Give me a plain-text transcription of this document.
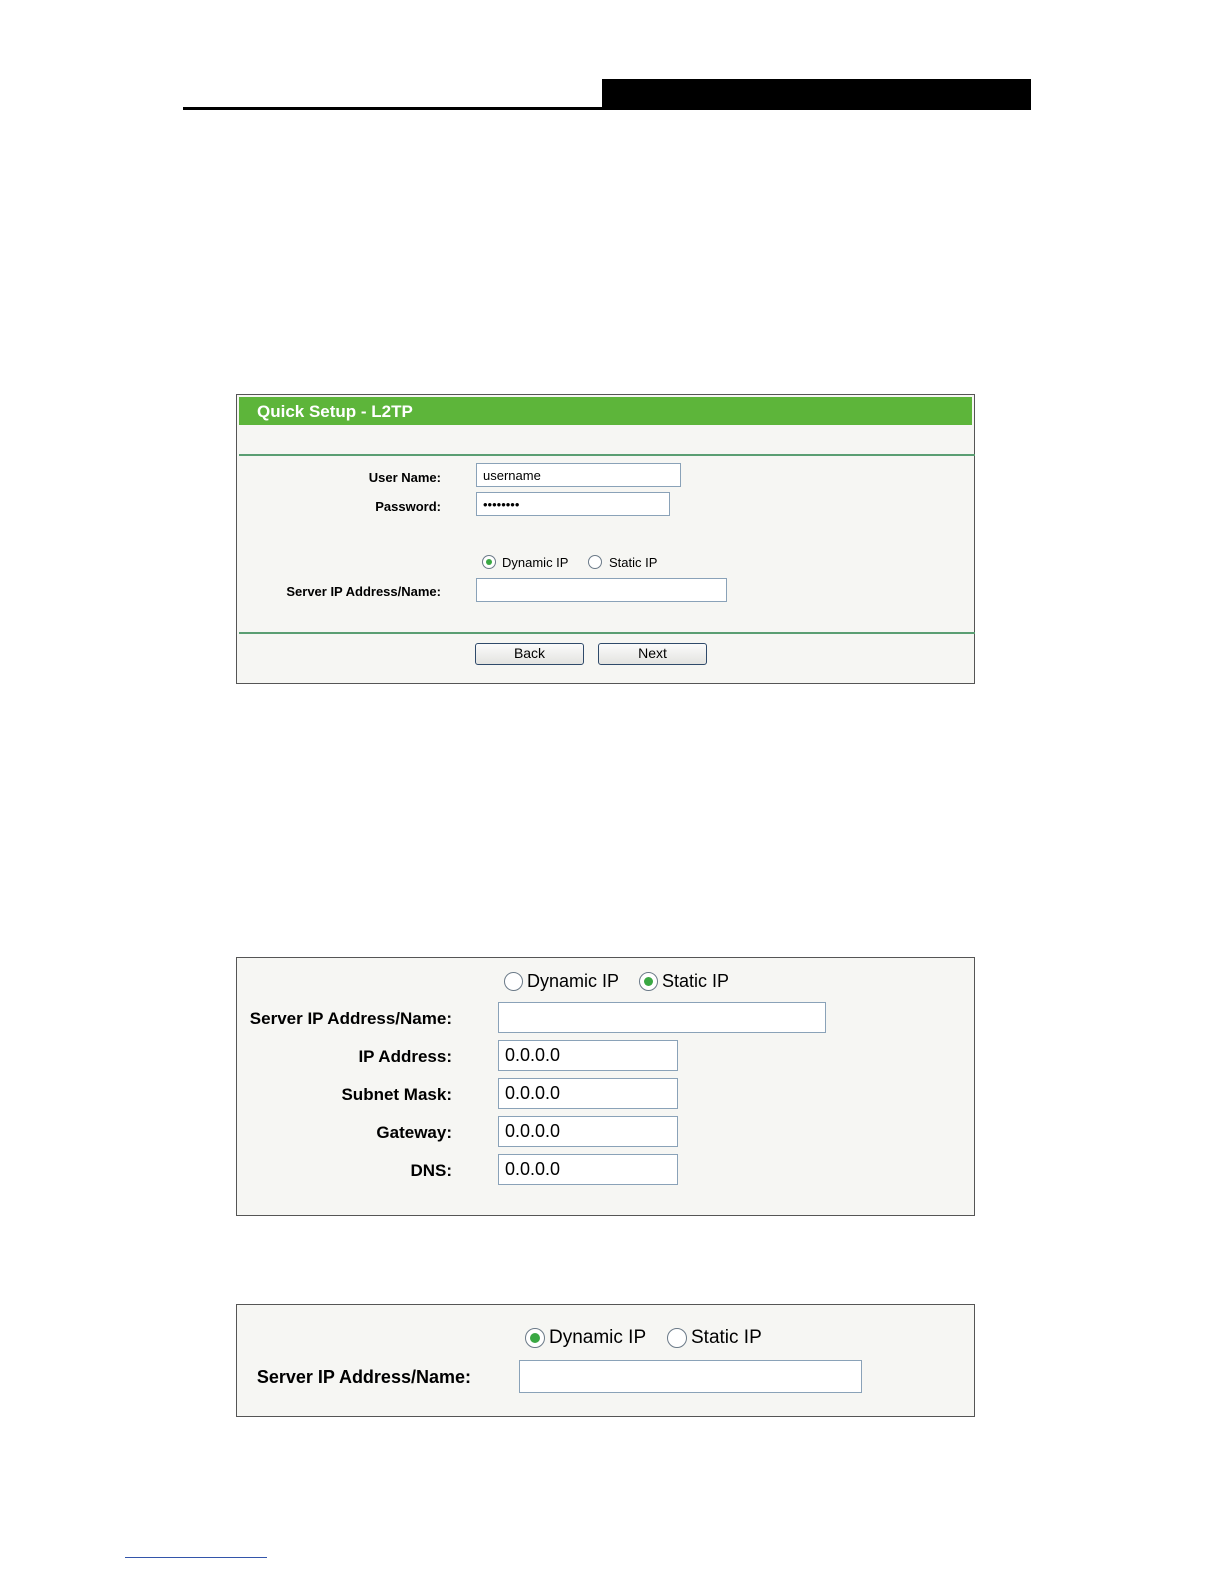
Quick Setup - L2TP
User Name:
username
Password:
Dynamic IP	Static IP
Server IP Address/Name:
Back	Next
Dynamic IP Static IP
Server IP Address/Name:
IP Address:
0.0.0.0
Subnet Mask:
0.0.0.0
Gateway:
0.0.0.0
DNS:
0.0.0.0
Dynamic IP Static IP
Server IP Address/Name:
